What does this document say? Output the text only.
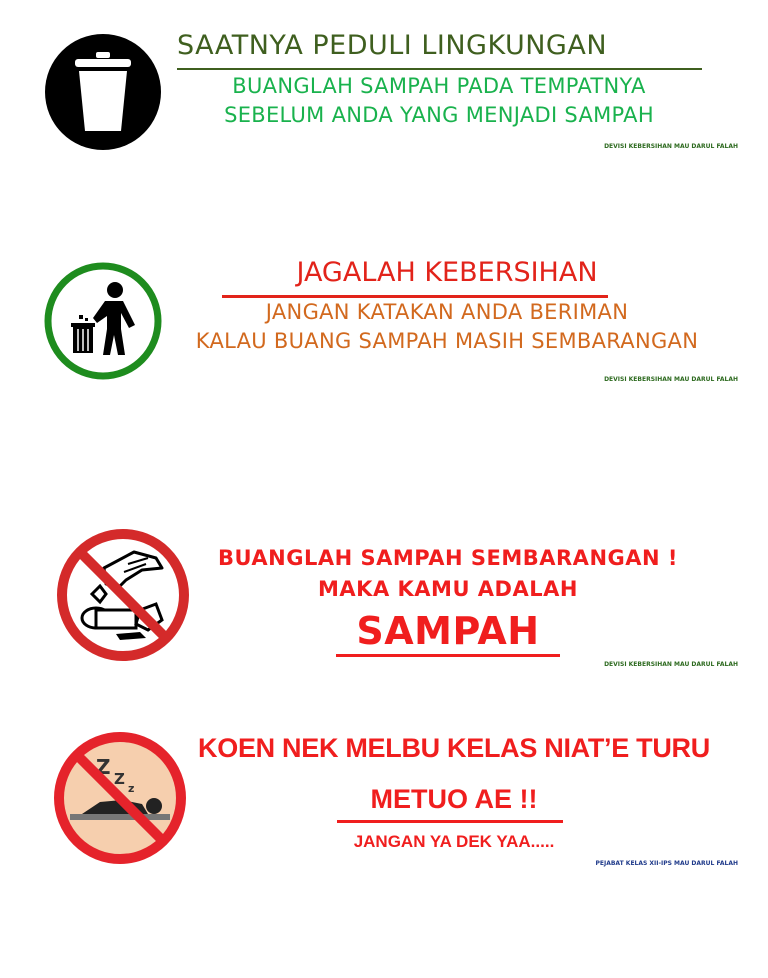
SAATNYA PEDULI LINGKUNGAN
BUANGLAH SAMPAH PADA TEMPATNYA
SEBELUM ANDA YANG MENJADI SAMPAH
DEVISI KEBERSIHAN MAU DARUL FALAH
JAGALAH KEBERSIHAN
JANGAN KATAKAN ANDA BERIMAN
KALAU BUANG SAMPAH MASIH SEMBARANGAN
DEVISI KEBERSIHAN MAU DARUL FALAH
BUANGLAH SAMPAH SEMBARANGAN !
MAKA KAMU ADALAH
SAMPAH
DEVISI KEBERSIHAN MAU DARUL FALAH
Z Z
z
KOEN NEK MELBU KELAS NIAT’E TURU
METUO AE !!
JANGAN YA DEK YAA.....
PEJABAT KELAS XII-IPS MAU DARUL FALAH
